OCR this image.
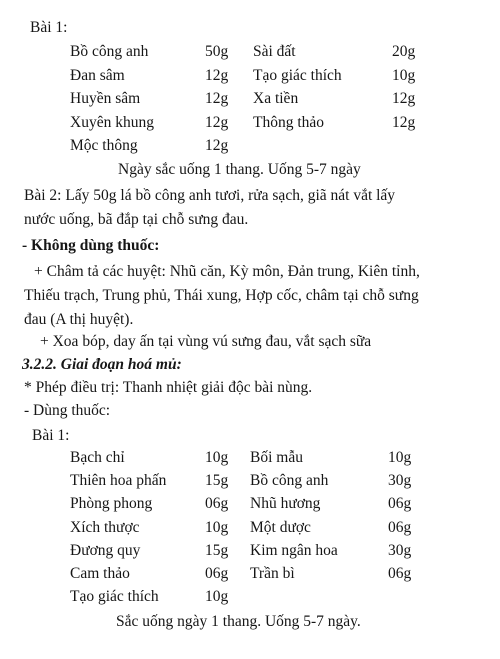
Bài 1:
Bồ công anh	50g Sài đất	20g
Đan sâm	12g Tạo giác thích	10g
Huyền sâm	12g Xa tiền	12g
Xuyên khung	12g Thông thảo	12g
Mộc thông	12g
Ngày sắc uống 1 thang. Uống 5-7 ngày
Bài 2: Lấy 50g lá bồ công anh tươi, rửa sạch, giã nát vắt lấy
nước uống, bã đắp tại chỗ sưng đau.
- Không dùng thuốc:
+ Châm tả các huyệt: Nhũ căn, Kỳ môn, Đản trung, Kiên tỉnh,
Thiếu trạch, Trung phủ, Thái xung, Hợp cốc, châm tại chỗ sưng
đau (A thị huyệt).
+ Xoa bóp, day ấn tại vùng vú sưng đau, vắt sạch sữa
3.2.2. Giai đoạn hoá mủ:
* Phép điều trị: Thanh nhiệt giải độc bài nùng.
- Dùng thuốc:
Bài 1:
Bạch chỉ	10g Bối mẫu	10g
Thiên hoa phấn 15g Bồ công anh	30g
Phòng phong	06g Nhũ hương	06g
Xích thược	10g Một dược	06g
Đương quy	15g Kim ngân hoa	30g
Cam thảo	06g Trần bì	06g
Tạo giác thích	10g
Sắc uống ngày 1 thang. Uống 5-7 ngày.
